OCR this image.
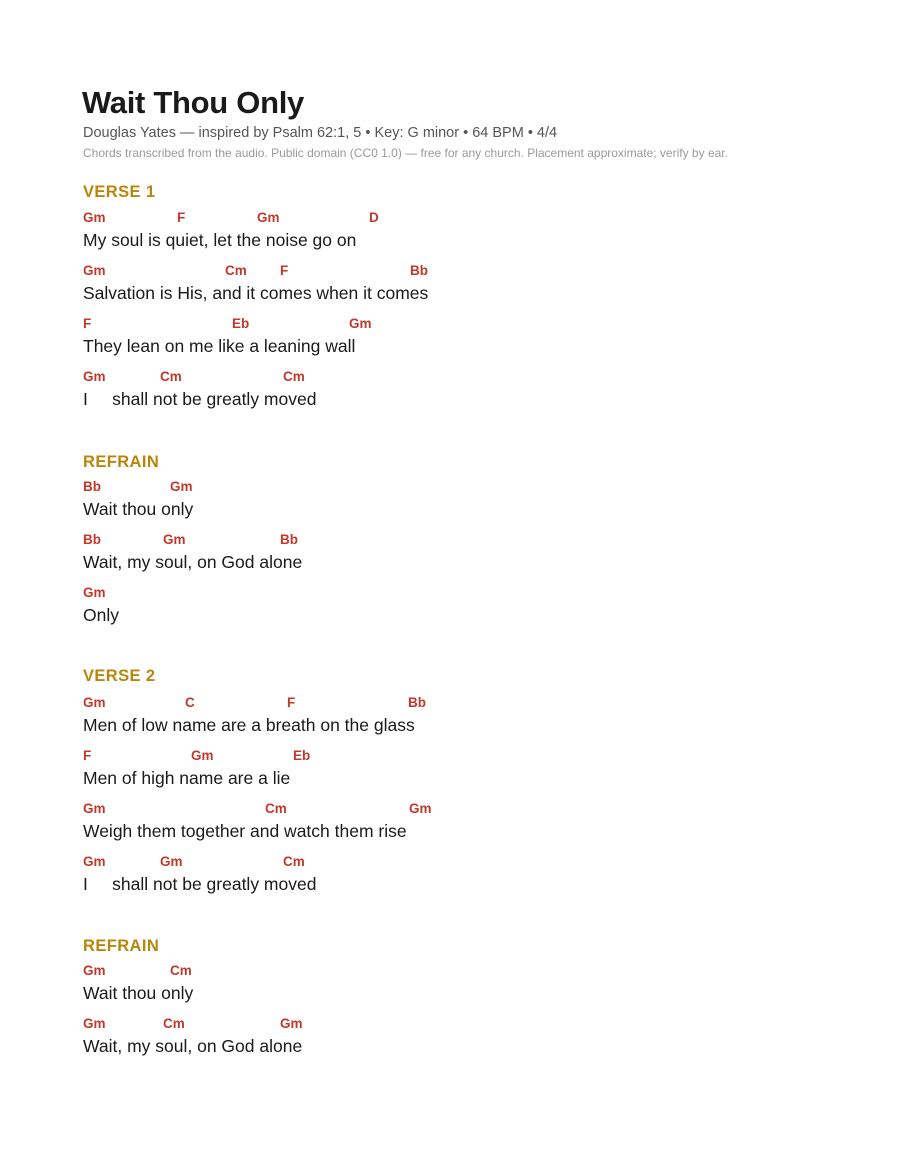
Wait Thou Only
Douglas Yates — inspired by Psalm 62:1, 5 • Key: G minor • 64 BPM • 4/4
Chords transcribed from the audio. Public domain (CC0 1.0) — free for any church. Placement approximate; verify by ear.
VERSE 1
Gm	F	Gm	D
My soul is quiet, let the noise go on
Gm	Cm F	Bb
Salvation is His, and it comes when it comes
F	Eb	Gm
They lean on me like a leaning wall
Gm	Cm	Cm
I     shall not be greatly moved
REFRAIN
Bb	Gm
Wait thou only
Bb	Gm	Bb
Wait, my soul, on God alone
Gm
Only
VERSE 2
Gm	C	F	Bb
Men of low name are a breath on the glass
F	Gm	Eb
Men of high name are a lie
Gm	Cm	Gm
Weigh them together and watch them rise
Gm	Gm	Cm
I     shall not be greatly moved
REFRAIN
Gm	Cm
Wait thou only
Gm	Cm	Gm
Wait, my soul, on God alone
